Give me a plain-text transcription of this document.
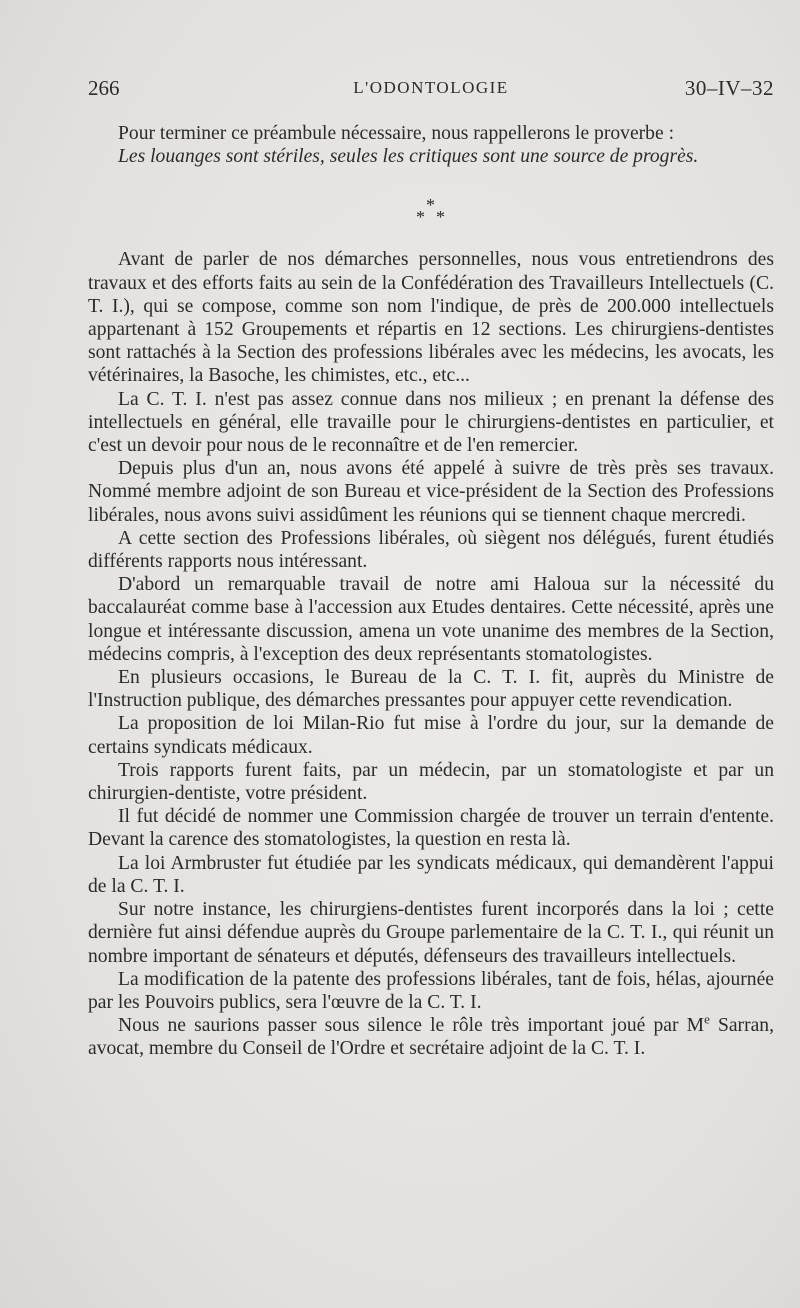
266	L'ODONTOLOGIE	30–IV–32

Pour terminer ce préambule nécessaire, nous rappellerons le proverbe :

Les louanges sont stériles, seules les critiques sont une source de progrès.

*
* *

Avant de parler de nos démarches personnelles, nous vous entretiendrons des travaux et des efforts faits au sein de la Confédération des Travailleurs Intellectuels (C. T. I.), qui se compose, comme son nom l'indique, de près de 200.000 intellectuels appartenant à 152 Groupements et répartis en 12 sections. Les chirurgiens-dentistes sont rattachés à la Section des professions libérales avec les médecins, les avocats, les vétérinaires, la Basoche, les chimistes, etc., etc...

La C. T. I. n'est pas assez connue dans nos milieux ; en prenant la défense des intellectuels en général, elle travaille pour le chirurgiens-dentistes en particulier, et c'est un devoir pour nous de le reconnaître et de l'en remercier.

Depuis plus d'un an, nous avons été appelé à suivre de très près ses travaux. Nommé membre adjoint de son Bureau et vice-président de la Section des Professions libérales, nous avons suivi assidûment les réunions qui se tiennent chaque mercredi.

A cette section des Professions libérales, où siègent nos délégués, furent étudiés différents rapports nous intéressant.

D'abord un remarquable travail de notre ami Haloua sur la nécessité du baccalauréat comme base à l'accession aux Etudes dentaires. Cette nécessité, après une longue et intéressante discussion, amena un vote unanime des membres de la Section, médecins compris, à l'exception des deux représentants stomatologistes.

En plusieurs occasions, le Bureau de la C. T. I. fit, auprès du Ministre de l'Instruction publique, des démarches pressantes pour appuyer cette revendication.

La proposition de loi Milan-Rio fut mise à l'ordre du jour, sur la demande de certains syndicats médicaux.

Trois rapports furent faits, par un médecin, par un stomatologiste et par un chirurgien-dentiste, votre président.

Il fut décidé de nommer une Commission chargée de trouver un terrain d'entente. Devant la carence des stomatologistes, la question en resta là.

La loi Armbruster fut étudiée par les syndicats médicaux, qui demandèrent l'appui de la C. T. I.

Sur notre instance, les chirurgiens-dentistes furent incorporés dans la loi ; cette dernière fut ainsi défendue auprès du Groupe parlementaire de la C. T. I., qui réunit un nombre important de sénateurs et députés, défenseurs des travailleurs intellectuels.

La modification de la patente des professions libérales, tant de fois, hélas, ajournée par les Pouvoirs publics, sera l'œuvre de la C. T. I.

Nous ne saurions passer sous silence le rôle très important joué par Me Sarran, avocat, membre du Conseil de l'Ordre et secrétaire adjoint de la C. T. I.
